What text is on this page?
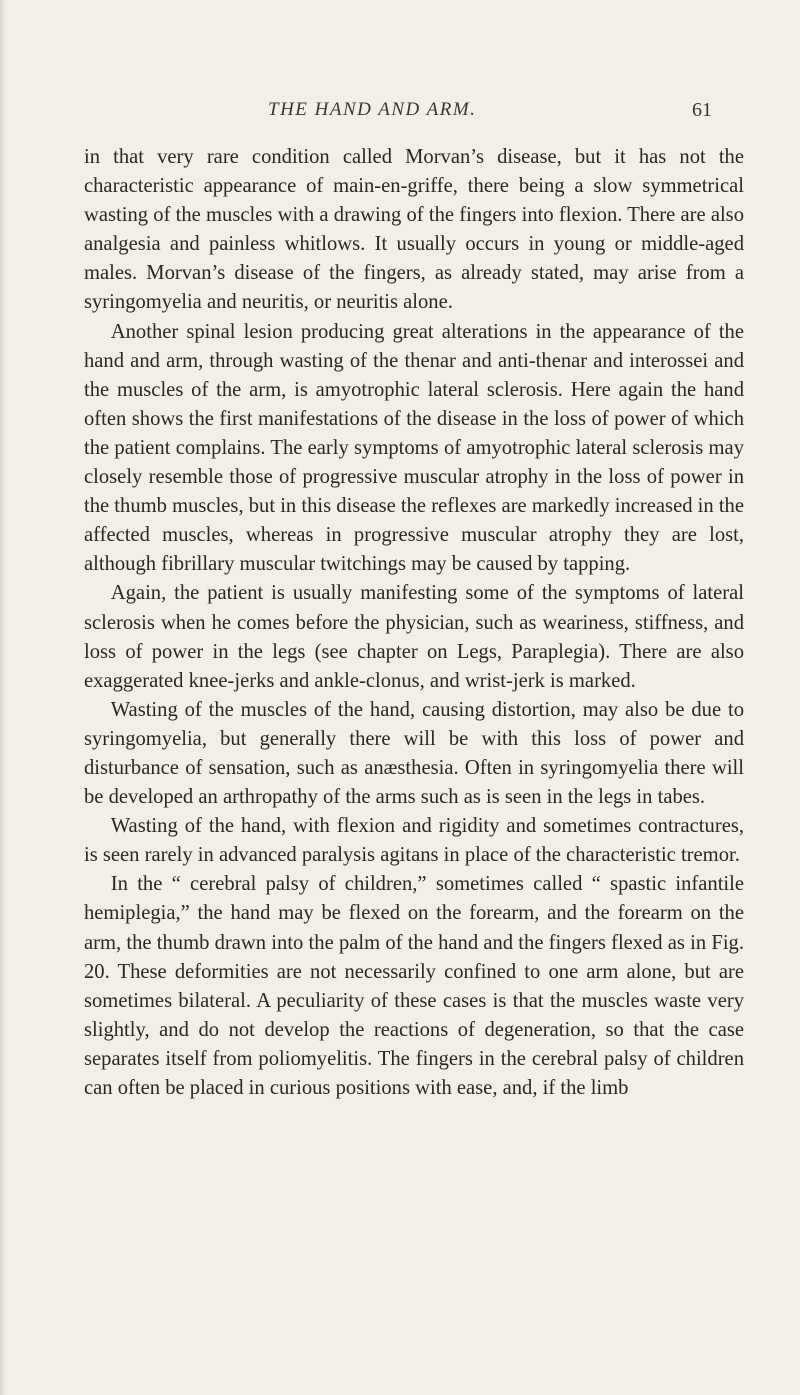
THE HAND AND ARM.	61

in that very rare condition called Morvan’s disease, but it has not the characteristic appearance of main-en-griffe, there being a slow symmetrical wasting of the muscles with a drawing of the fingers into flexion. There are also analgesia and painless whitlows. It usually occurs in young or middle-aged males. Morvan’s disease of the fingers, as already stated, may arise from a syringomyelia and neuritis, or neuritis alone.

Another spinal lesion producing great alterations in the appearance of the hand and arm, through wasting of the thenar and anti-thenar and interossei and the muscles of the arm, is amyotrophic lateral sclerosis. Here again the hand often shows the first manifestations of the disease in the loss of power of which the patient complains. The early symptoms of amyotrophic lateral sclerosis may closely resemble those of progressive muscular atrophy in the loss of power in the thumb muscles, but in this disease the reflexes are markedly increased in the affected muscles, whereas in progressive muscular atrophy they are lost, although fibrillary muscular twitchings may be caused by tapping.

Again, the patient is usually manifesting some of the symptoms of lateral sclerosis when he comes before the physician, such as weariness, stiffness, and loss of power in the legs (see chapter on Legs, Paraplegia). There are also exaggerated knee-jerks and ankle-clonus, and wrist-jerk is marked.

Wasting of the muscles of the hand, causing distortion, may also be due to syringomyelia, but generally there will be with this loss of power and disturbance of sensation, such as anæsthesia. Often in syringomyelia there will be developed an arthropathy of the arms such as is seen in the legs in tabes.

Wasting of the hand, with flexion and rigidity and sometimes contractures, is seen rarely in advanced paralysis agitans in place of the characteristic tremor.

In the “ cerebral palsy of children,” sometimes called “ spastic infantile hemiplegia,” the hand may be flexed on the forearm, and the forearm on the arm, the thumb drawn into the palm of the hand and the fingers flexed as in Fig. 20. These deformities are not necessarily confined to one arm alone, but are sometimes bilateral. A peculiarity of these cases is that the muscles waste very slightly, and do not develop the reactions of degeneration, so that the case separates itself from poliomyelitis. The fingers in the cerebral palsy of children can often be placed in curious positions with ease, and, if the limb
